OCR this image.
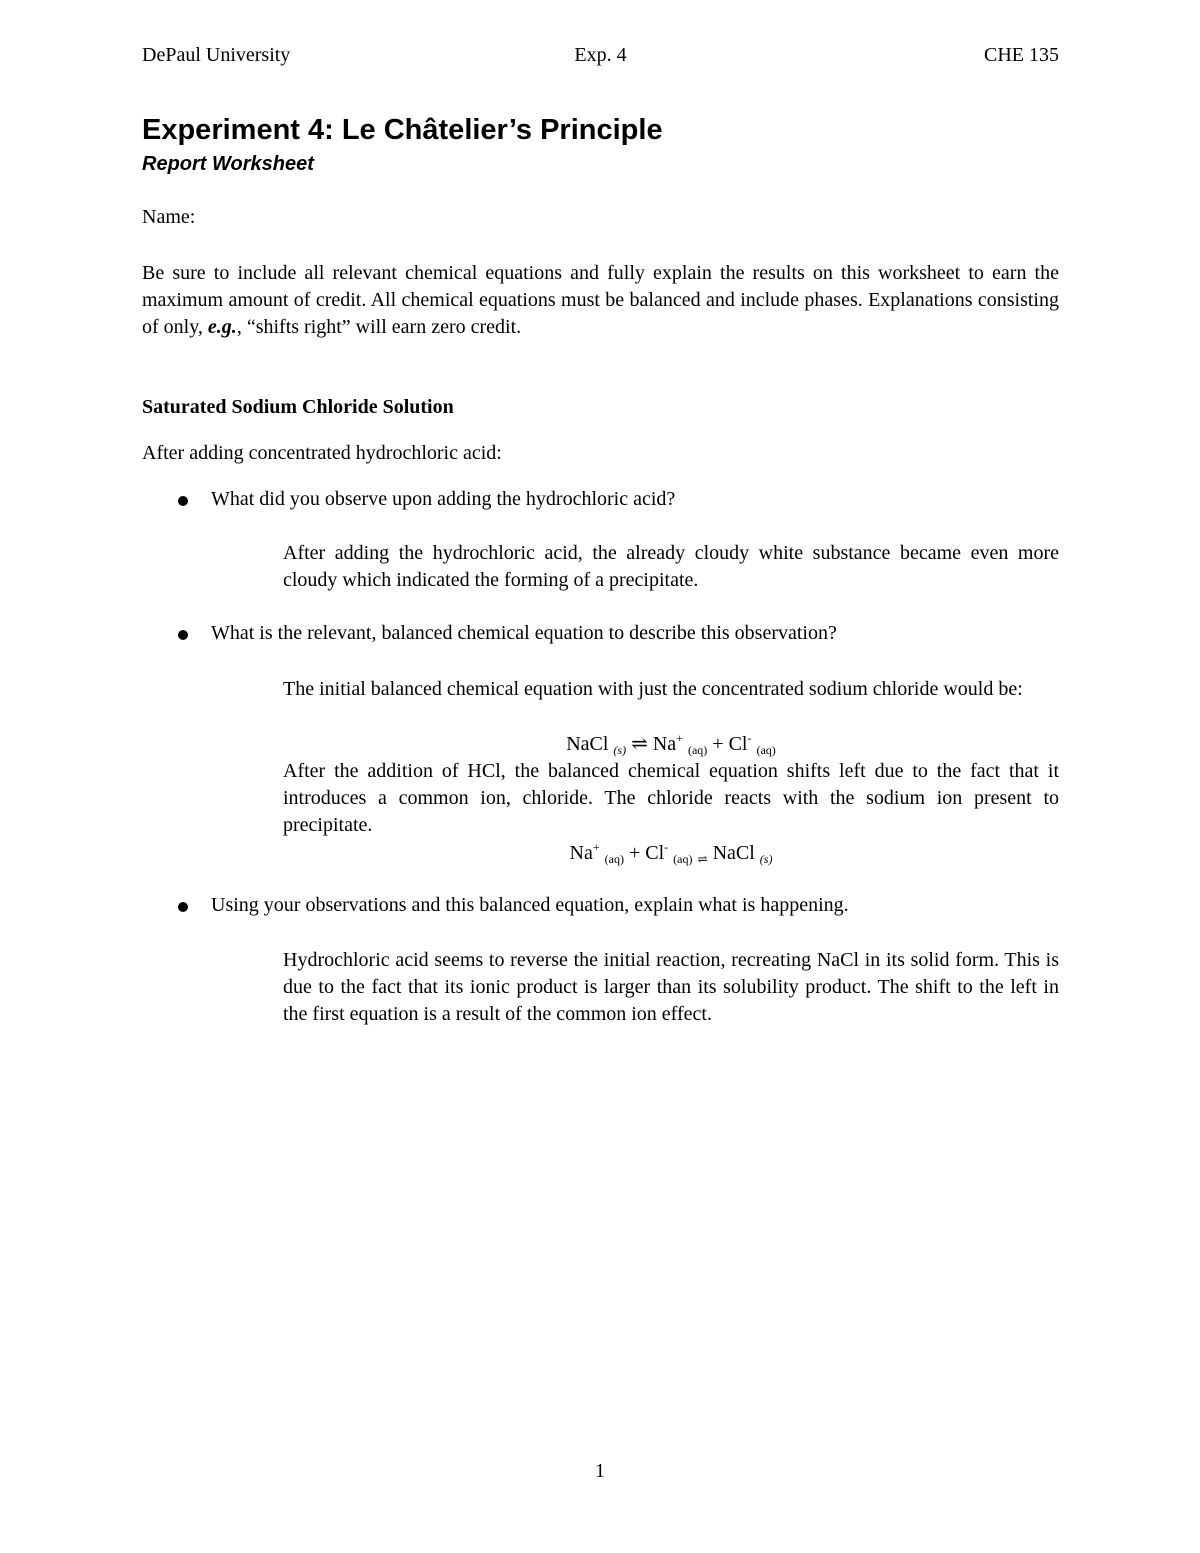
DePaul University	Exp. 4	CHE 135
Experiment 4: Le Châtelier’s Principle
Report Worksheet
Name:

Be sure to include all relevant chemical equations and fully explain the results on this worksheet to earn the maximum amount of credit. All chemical equations must be balanced and include phases. Explanations consisting of only, e.g., “shifts right” will earn zero credit.

Saturated Sodium Chloride Solution
After adding concentrated hydrochloric acid:
What did you observe upon adding the hydrochloric acid?

After adding the hydrochloric acid, the already cloudy white substance became even more cloudy which indicated the forming of a precipitate.

What is the relevant, balanced chemical equation to describe this observation?

The initial balanced chemical equation with just the concentrated sodium chloride would be:

NaCl $_{(s)}$ ⇌ Na+ $_{(aq)}$ + Cl- $_{(aq)}$

After the addition of HCl, the balanced chemical equation shifts left due to the fact that it introduces a common ion, chloride. The chloride reacts with the sodium ion present to precipitate.

Na+ $_{(aq)}$ + Cl- $_{(aq)}$ $_\rightleftharpoons$ NaCl $_{(s)}$
Using your observations and this balanced equation, explain what is happening.

Hydrochloric acid seems to reverse the initial reaction, recreating NaCl in its solid form. This is due to the fact that its ionic product is larger than its solubility product. The shift to the left in the first equation is a result of the common ion effect.

1
